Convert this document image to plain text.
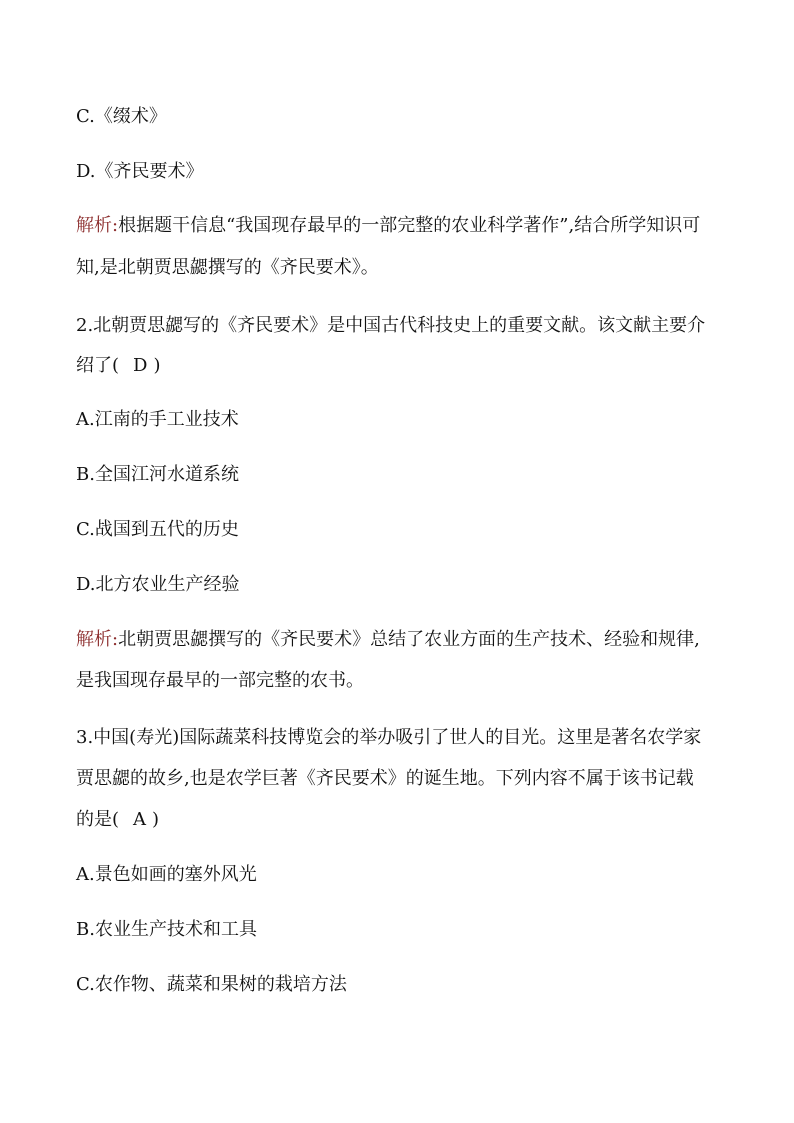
C.《缀术》
D.《齐民要术》
解析:根据题干信息“我国现存最早的一部完整的农业科学著作”,结合所学知识可
知,是北朝贾思勰撰写的《齐民要术》。
2.北朝贾思勰写的《齐民要术》是中国古代科技史上的重要文献。该文献主要介
绍了( D )
A.江南的手工业技术
B.全国江河水道系统
C.战国到五代的历史
D.北方农业生产经验
解析:北朝贾思勰撰写的《齐民要术》总结了农业方面的生产技术、经验和规律,
是我国现存最早的一部完整的农书。
3.中国(寿光)国际蔬菜科技博览会的举办吸引了世人的目光。这里是著名农学家
贾思勰的故乡,也是农学巨著《齐民要术》的诞生地。下列内容不属于该书记载
的是( A )
A.景色如画的塞外风光
B.农业生产技术和工具
C.农作物、蔬菜和果树的栽培方法
